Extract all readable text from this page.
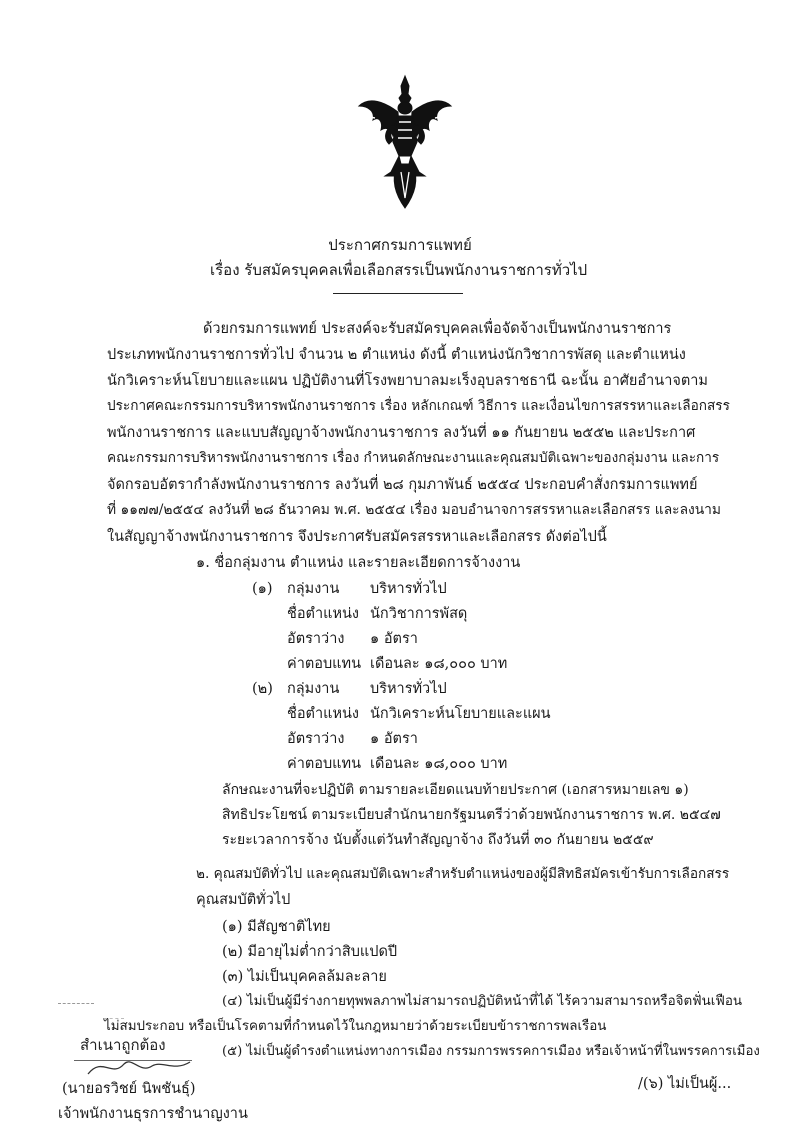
ประกาศกรมการแพทย์
เรื่อง รับสมัครบุคคลเพื่อเลือกสรรเป็นพนักงานราชการทั่วไป
ด้วยกรมการแพทย์ ประสงค์จะรับสมัครบุคคลเพื่อจัดจ้างเป็นพนักงานราชการ
ประเภทพนักงานราชการทั่วไป จำนวน ๒ ตำแหน่ง ดังนี้ ตำแหน่งนักวิชาการพัสดุ และตำแหน่ง
นักวิเคราะห์นโยบายและแผน ปฏิบัติงานที่โรงพยาบาลมะเร็งอุบลราชธานี ฉะนั้น อาศัยอำนาจตาม
ประกาศคณะกรรมการบริหารพนักงานราชการ เรื่อง หลักเกณฑ์ วิธีการ และเงื่อนไขการสรรหาและเลือกสรร
พนักงานราชการ และแบบสัญญาจ้างพนักงานราชการ ลงวันที่ ๑๑ กันยายน ๒๕๕๒ และประกาศ
คณะกรรมการบริหารพนักงานราชการ เรื่อง กำหนดลักษณะงานและคุณสมบัติเฉพาะของกลุ่มงาน และการ
จัดกรอบอัตรากำลังพนักงานราชการ ลงวันที่ ๒๘ กุมภาพันธ์ ๒๕๕๔ ประกอบคำสั่งกรมการแพทย์
ที่ ๑๑๗๗/๒๕๕๔ ลงวันที่ ๒๘ ธันวาคม พ.ศ. ๒๕๕๔ เรื่อง มอบอำนาจการสรรหาและเลือกสรร และลงนาม
ในสัญญาจ้างพนักงานราชการ จึงประกาศรับสมัครสรรหาและเลือกสรร ดังต่อไปนี้
๑. ชื่อกลุ่มงาน ตำแหน่ง และรายละเอียดการจ้างงาน
(๑) กลุ่มงาน บริหารทั่วไป
ชื่อตำแหน่ง นักวิชาการพัสดุ
อัตราว่าง ๑ อัตรา
ค่าตอบแทน เดือนละ ๑๘,๐๐๐ บาท
(๒) กลุ่มงาน บริหารทั่วไป
ชื่อตำแหน่ง นักวิเคราะห์นโยบายและแผน
อัตราว่าง ๑ อัตรา
ค่าตอบแทน เดือนละ ๑๘,๐๐๐ บาท
ลักษณะงานที่จะปฏิบัติ ตามรายละเอียดแนบท้ายประกาศ (เอกสารหมายเลข ๑)
สิทธิประโยชน์ ตามระเบียบสำนักนายกรัฐมนตรีว่าด้วยพนักงานราชการ พ.ศ. ๒๕๔๗
ระยะเวลาการจ้าง นับตั้งแต่วันทำสัญญาจ้าง ถึงวันที่ ๓๐ กันยายน ๒๕๕๙
๒. คุณสมบัติทั่วไป และคุณสมบัติเฉพาะสำหรับตำแหน่งของผู้มีสิทธิสมัครเข้ารับการเลือกสรร
คุณสมบัติทั่วไป
(๑) มีสัญชาติไทย
(๒) มีอายุไม่ต่ำกว่าสิบแปดปี
(๓) ไม่เป็นบุคคลล้มละลาย
(๔) ไม่เป็นผู้มีร่างกายทุพพลภาพไม่สามารถปฏิบัติหน้าที่ได้ ไร้ความสามารถหรือจิตฟั่นเฟือน
ไม่สมประกอบ หรือเป็นโรคตามที่กำหนดไว้ในกฎหมายว่าด้วยระเบียบข้าราชการพลเรือน
(๕) ไม่เป็นผู้ดำรงตำแหน่งทางการเมือง กรรมการพรรคการเมือง หรือเจ้าหน้าที่ในพรรคการเมือง
สำเนาถูกต้อง
(นายอรวิชย์ นิพชันธุ์)
เจ้าพนักงานธุรการชำนาญงาน
/(๖) ไม่เป็นผู้...
